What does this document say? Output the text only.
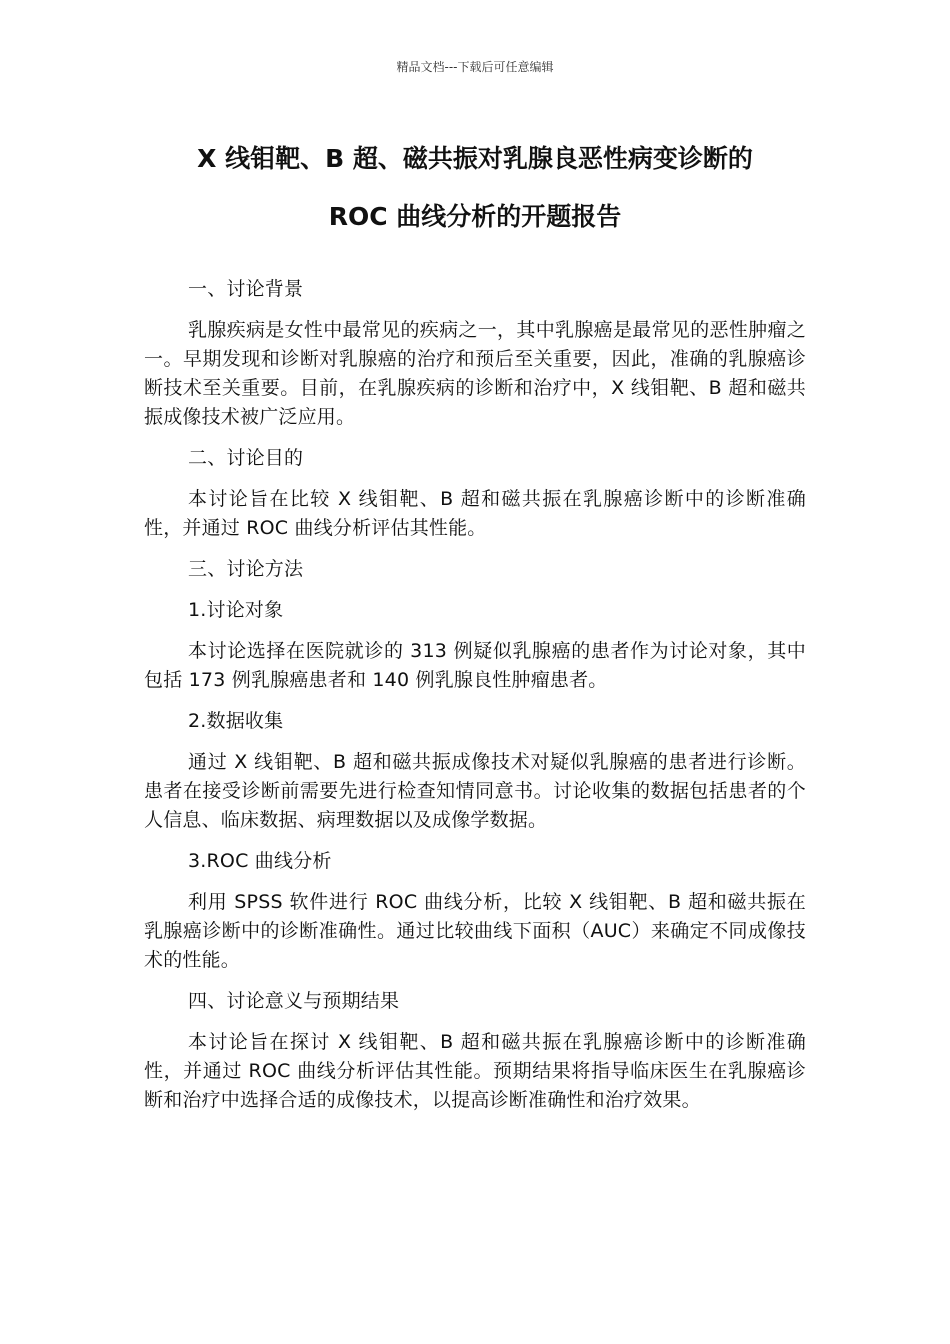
精品文档---下载后可任意编辑
X 线钼靶、B 超、磁共振对乳腺良恶性病变诊断的
ROC 曲线分析的开题报告
一、讨论背景
乳腺疾病是女性中最常见的疾病之一，其中乳腺癌是最常见的恶性肿瘤之一。早期发现和诊断对乳腺癌的治疗和预后至关重要，因此，准确的乳腺癌诊断技术至关重要。目前，在乳腺疾病的诊断和治疗中，X 线钼靶、B 超和磁共振成像技术被广泛应用。
二、讨论目的
本讨论旨在比较 X 线钼靶、B 超和磁共振在乳腺癌诊断中的诊断准确性，并通过 ROC 曲线分析评估其性能。
三、讨论方法
1.讨论对象
本讨论选择在医院就诊的 313 例疑似乳腺癌的患者作为讨论对象，其中包括 173 例乳腺癌患者和 140 例乳腺良性肿瘤患者。
2.数据收集
通过 X 线钼靶、B 超和磁共振成像技术对疑似乳腺癌的患者进行诊断。患者在接受诊断前需要先进行检查知情同意书。讨论收集的数据包括患者的个人信息、临床数据、病理数据以及成像学数据。
3.ROC 曲线分析
利用 SPSS 软件进行 ROC 曲线分析，比较 X 线钼靶、B 超和磁共振在乳腺癌诊断中的诊断准确性。通过比较曲线下面积（AUC）来确定不同成像技术的性能。
四、讨论意义与预期结果
本讨论旨在探讨 X 线钼靶、B 超和磁共振在乳腺癌诊断中的诊断准确性，并通过 ROC 曲线分析评估其性能。预期结果将指导临床医生在乳腺癌诊断和治疗中选择合适的成像技术，以提高诊断准确性和治疗效果。
